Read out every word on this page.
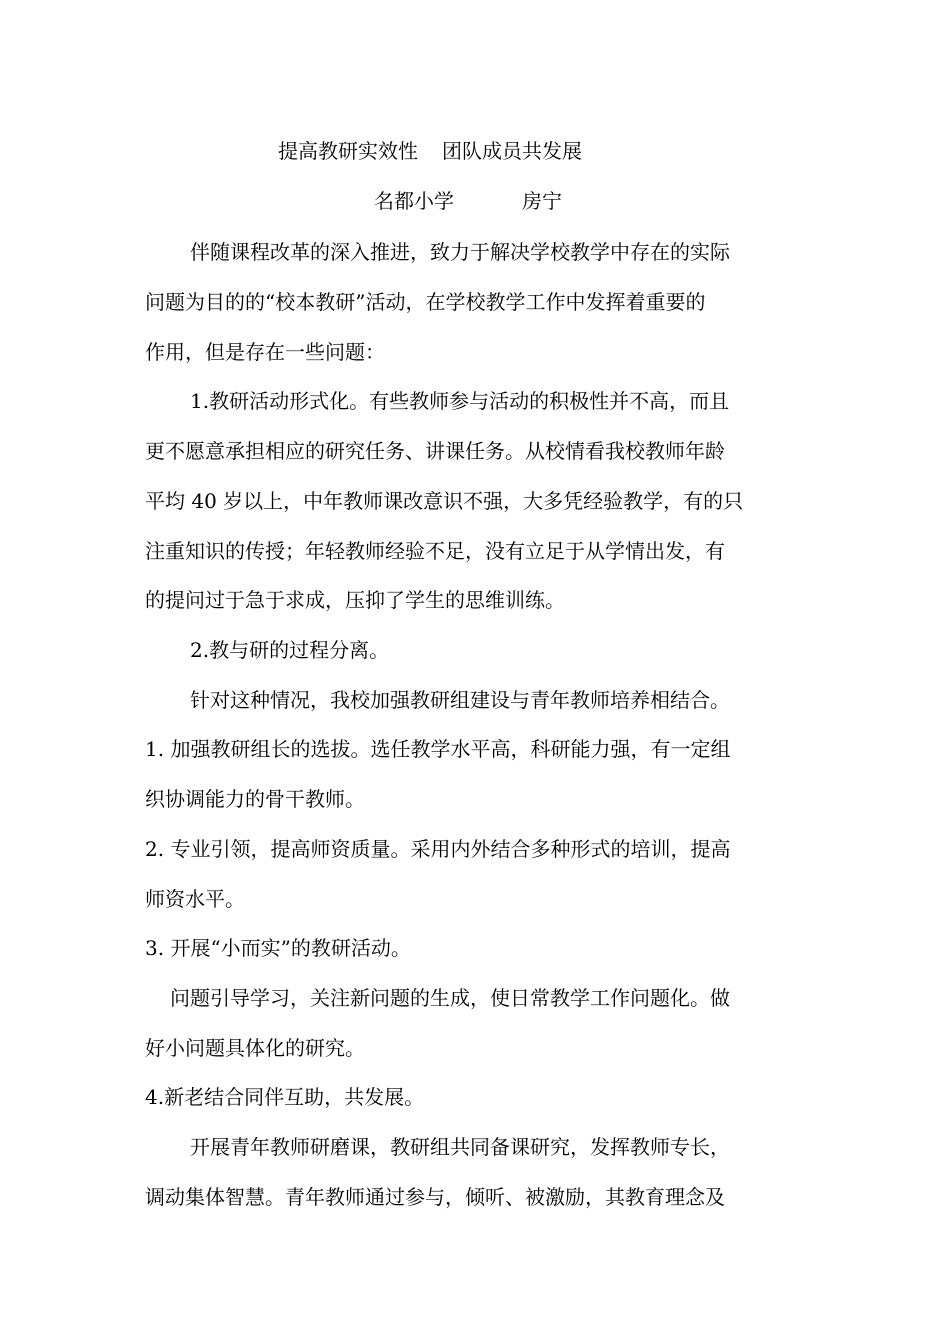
提高教研实效性 团队成员共发展
名都小学	房宁
伴随课程改革的深入推进，致力于解决学校教学中存在的实际
问题为目的的“校本教研”活动，在学校教学工作中发挥着重要的
作用，但是存在一些问题：
1.教研活动形式化。有些教师参与活动的积极性并不高，而且
更不愿意承担相应的研究任务、讲课任务。从校情看我校教师年龄
平均 40 岁以上，中年教师课改意识不强，大多凭经验教学，有的只
注重知识的传授；年轻教师经验不足，没有立足于从学情出发，有
的提问过于急于求成，压抑了学生的思维训练。
2.教与研的过程分离。
针对这种情况，我校加强教研组建设与青年教师培养相结合。
1. 加强教研组长的选拔。选任教学水平高，科研能力强，有一定组
织协调能力的骨干教师。
2. 专业引领，提高师资质量。采用内外结合多种形式的培训，提高
师资水平。
3. 开展“小而实”的教研活动。
问题引导学习，关注新问题的生成，使日常教学工作问题化。做
好小问题具体化的研究。
4.新老结合同伴互助，共发展。
开展青年教师研磨课，教研组共同备课研究，发挥教师专长，
调动集体智慧。青年教师通过参与，倾听、被激励，其教育理念及
